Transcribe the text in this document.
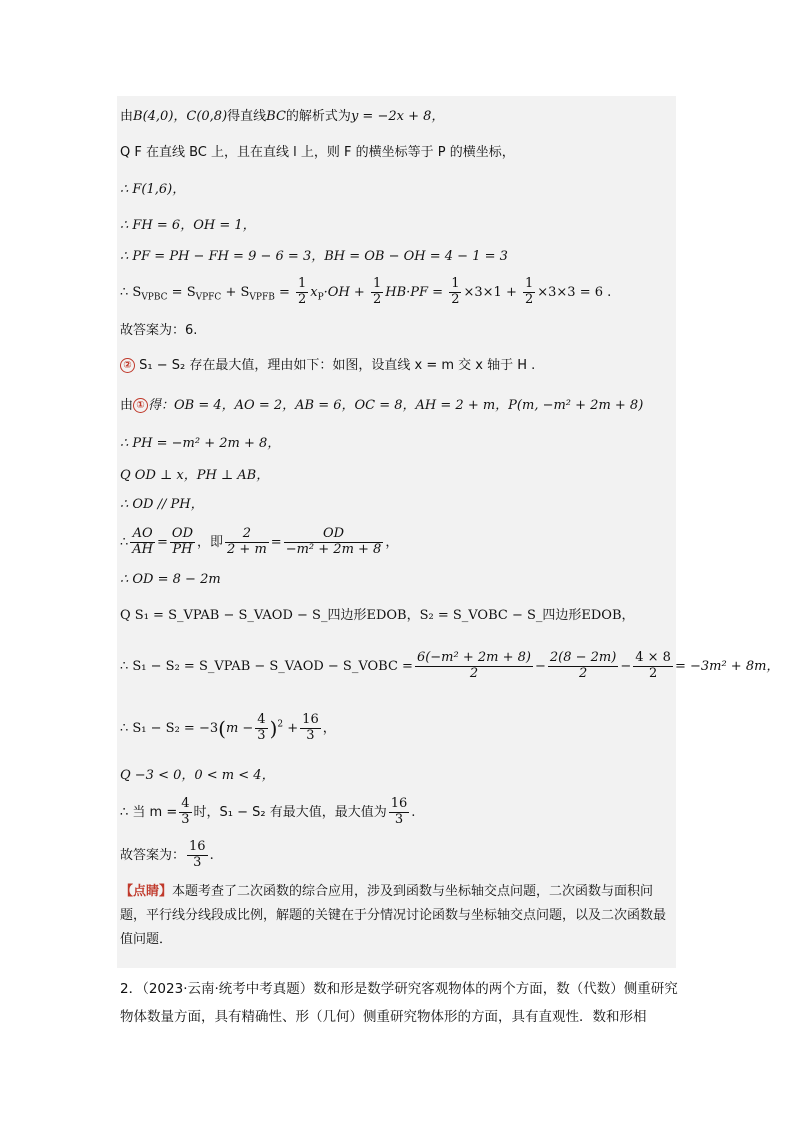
由B(4,0)，C(0,8)得直线BC的解析式为y = −2x + 8，
Q F 在直线 BC 上，且在直线 l 上，则 F 的横坐标等于 P 的横坐标，
∴ F(1,6)，
∴ FH = 6，OH = 1，
∴ PF = PH − FH = 9 − 6 = 3，BH = OB − OH = 4 − 1 = 3
∴ $S_{VPBC} = S_{VPFC} + S_{VPFB} = \frac{1}{2} x_P\cdot OH + \frac{1}{2} HB\cdot PF = \frac{1}{2} \times 3\times 1 + \frac{1}{2} \times 3\times 3 = 6$ .
故答案为：6.
② S₁ − S₂ 存在最大值，理由如下：如图，设直线 x = m 交 x 轴于 H .
由 ① 得：OB = 4，AO = 2，AB = 6，OC = 8，AH = 2 + m，P(m, −m² + 2m + 8)
∴ PH = −m² + 2m + 8，
Q OD ⊥ x，PH ⊥ AB，
∴ OD // PH，
∴ $\frac{AO}{AH} = \frac{OD}{PH}$ ，即 $\frac{2}{2 + m} = \frac{OD}{\text{−m² + 2m + 8}}$ ，
∴ OD = 8 − 2m
Q S₁ = S_VPAB − S_VAOD − S_四边形EDOB，S₂ = S_VOBC − S_四边形EDOB，
∴ S₁ − S₂ = S_VPAB − S_VAOD − S_VOBC = $\frac{\text{6(−m² + 2m + 8)}}{2} - \frac{2(8 - 2m)}{2} - \frac{4 \times 8}{2} = -3m^2 + 8m$，
∴ $S_1 - S_2 = -3(m - \frac{4}{3} )^2 + \frac{16}{3}$ ，
Q −3 < 0，0 < m < 4，
∴ 当 $m = \frac{4}{3}$ 时，S₁ − S₂ 有最大值，最大值为 $\frac{16}{3}$ .
故答案为： $\frac{16}{3}$ .
【点睛】本题考查了二次函数的综合应用，涉及到函数与坐标轴交点问题，二次函数与面积问题，平行线分线段成比例，解题的关键在于分情况讨论函数与坐标轴交点问题，以及二次函数最值问题．
2．（2023·云南·统考中考真题）数和形是数学研究客观物体的两个方面，数（代数）侧重研究物体数量方面，具有精确性、形（几何）侧重研究物体形的方面，具有直观性．数和形相
